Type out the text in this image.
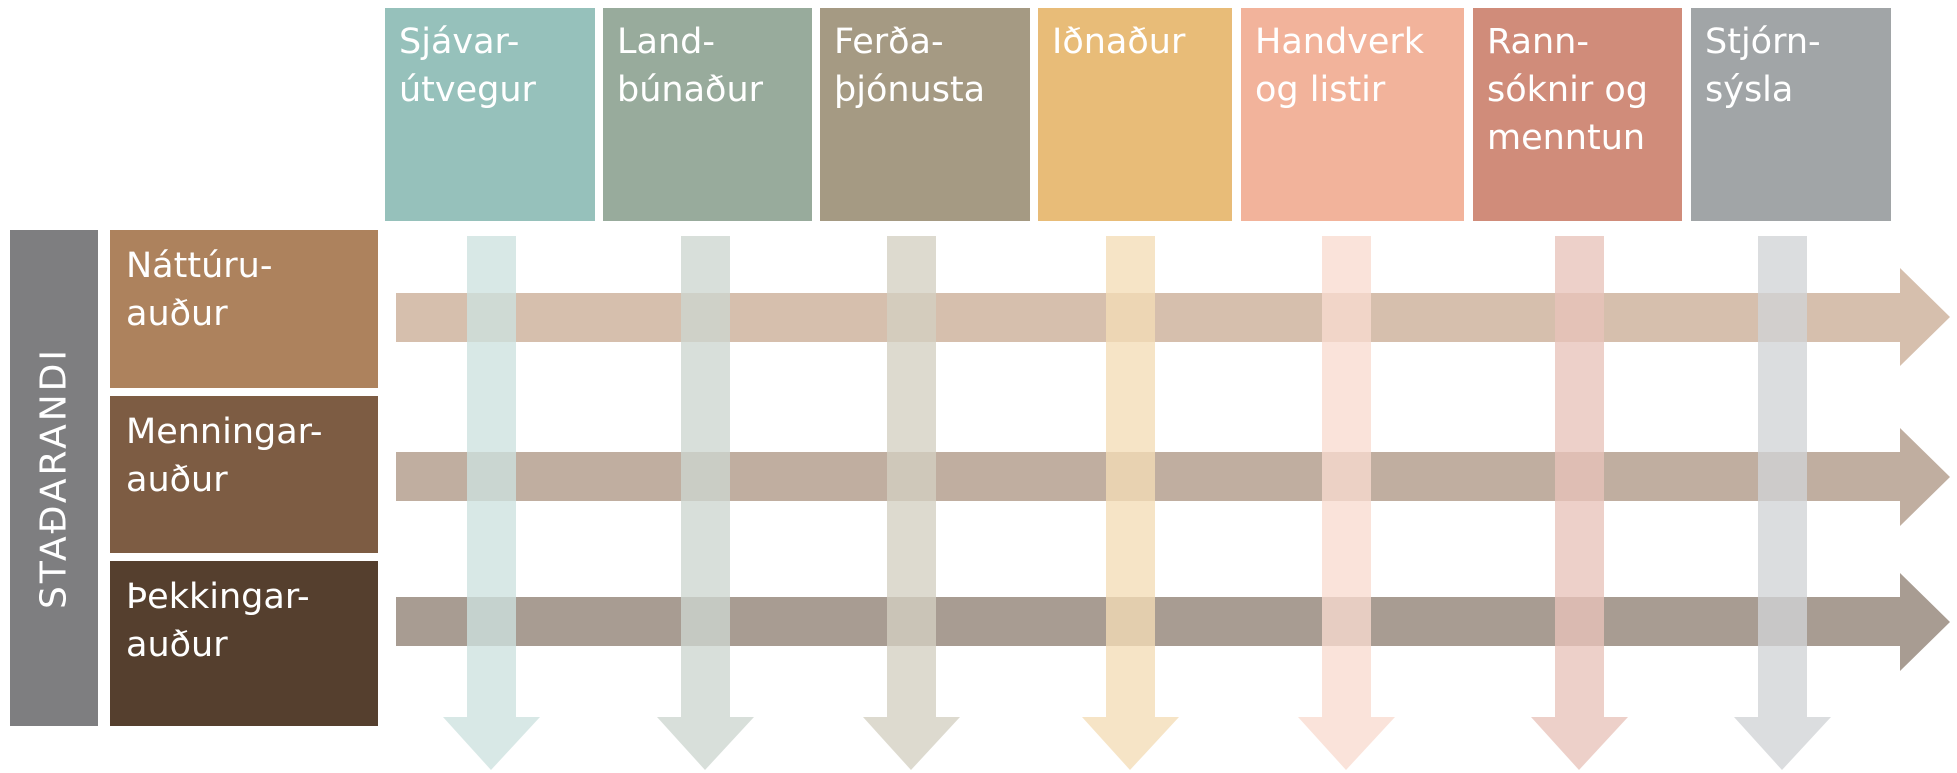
Sjávar-
útvegur
Land-
búnaður
Ferða-
þjónusta
Iðnaður	Handverk
og listir
Rann-
sóknir og
menntun
Stjórn-
sýsla
STAÐARANDI
Náttúru-
auður
Menningar-
auður
Þekkingar-
auður
